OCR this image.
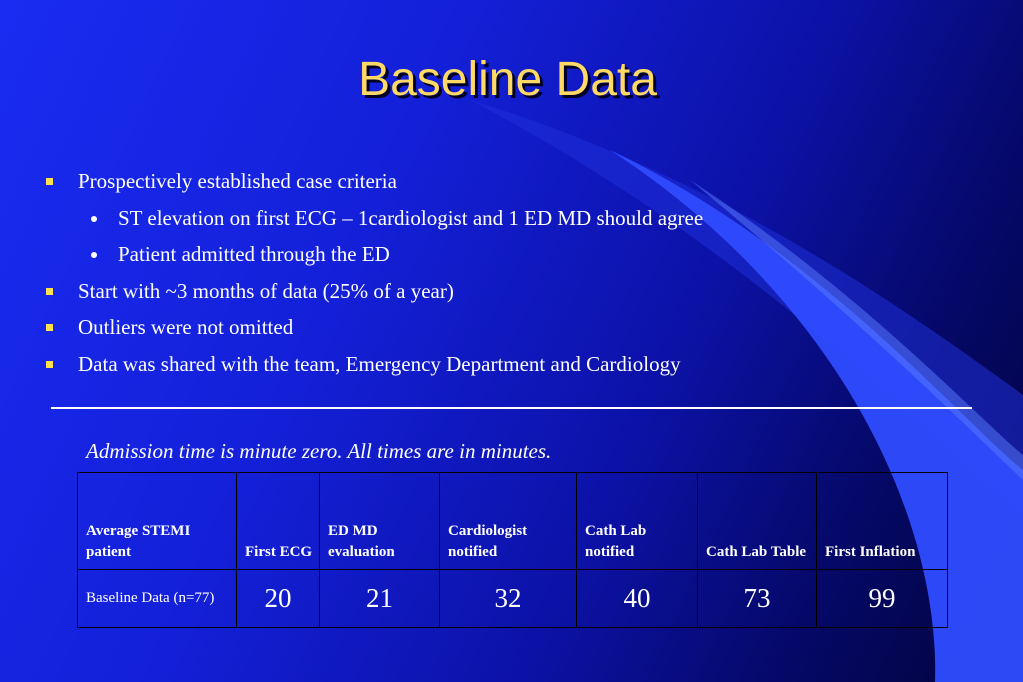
Baseline Data
Prospectively established case criteria
ST elevation on first ECG – 1cardiologist and 1 ED MD should agree
Patient admitted through the ED
Start with ~3 months of data (25% of a year)
Outliers were not omitted
Data was shared with the team, Emergency Department and Cardiology
Admission time is minute zero. All times are in minutes.
Average STEMI patient	First ECG	ED MD evaluation	Cardiologist notified	Cath Lab notified	Cath Lab Table	First Inflation
Baseline Data (n=77)	20	21	32	40	73	99
